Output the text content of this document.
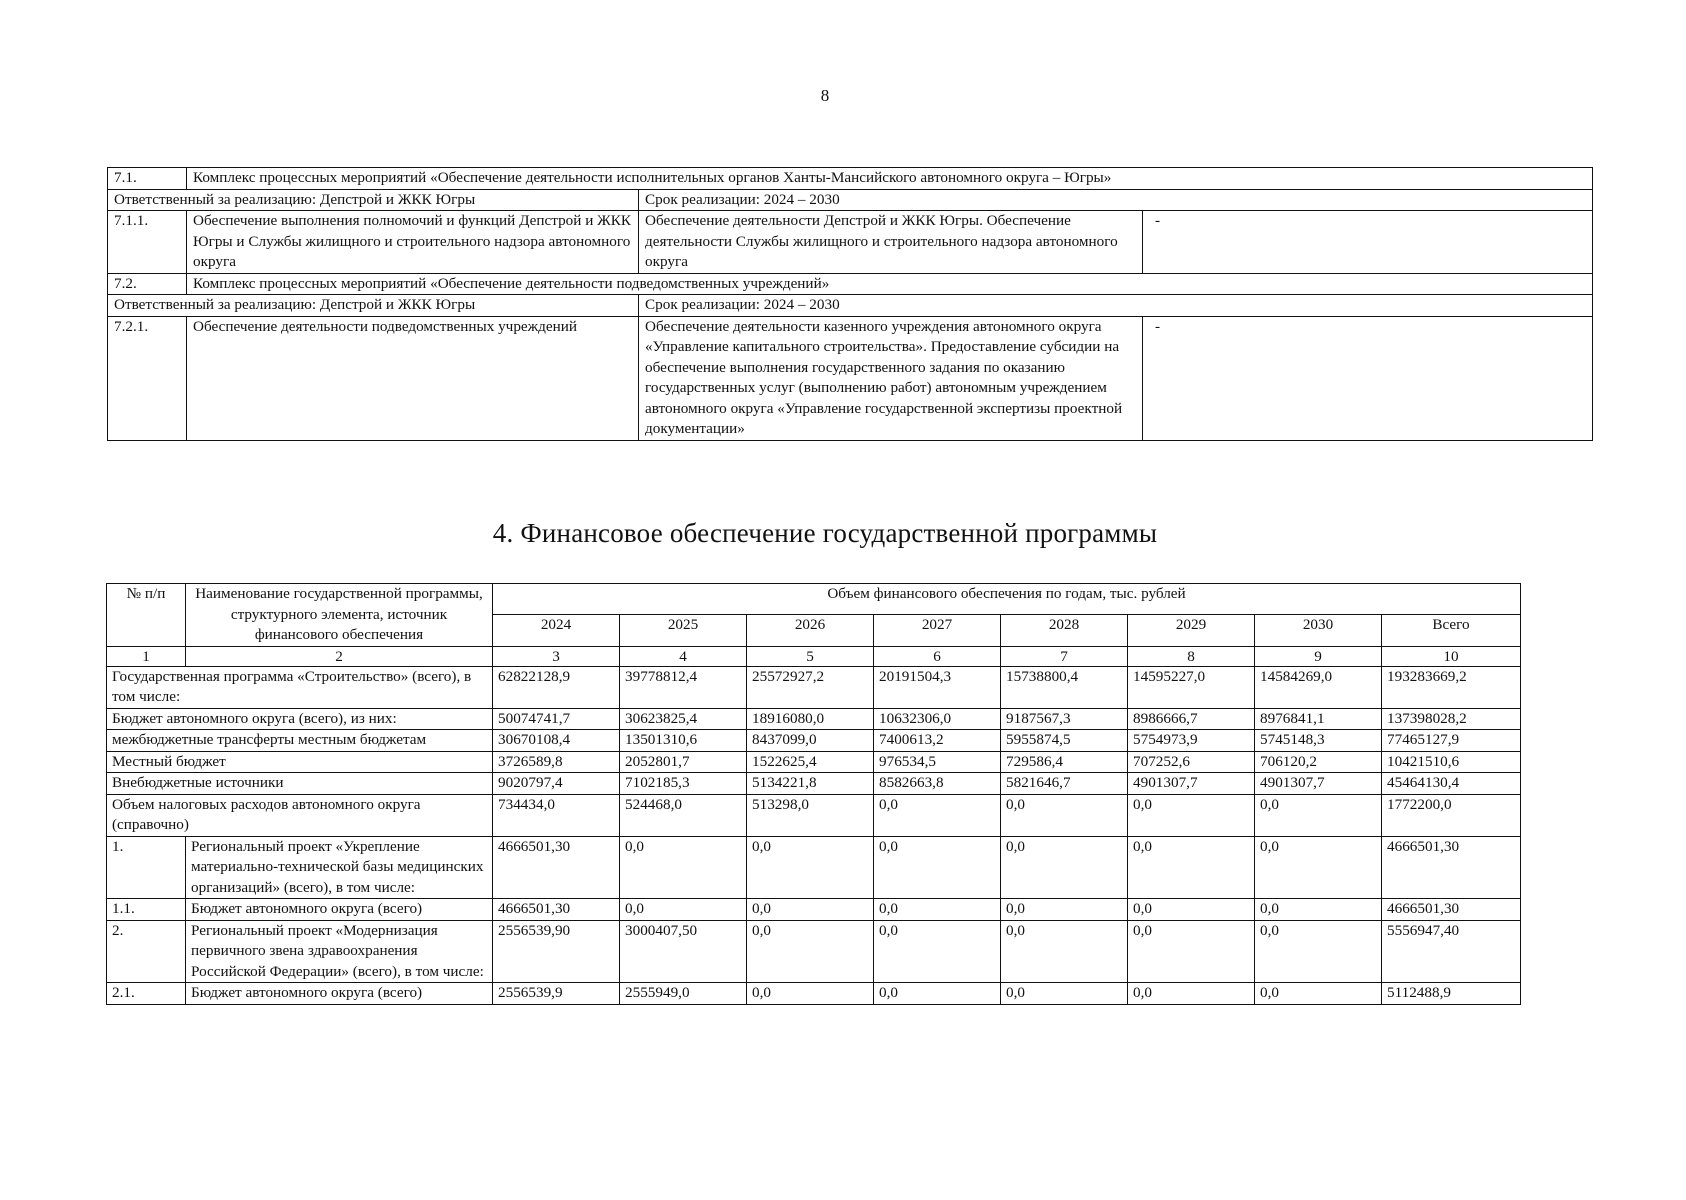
8
7.1.	Комплекс процессных мероприятий «Обеспечение деятельности исполнительных органов Ханты-Мансийского автономного округа – Югры»		
Ответственный за реализацию: Депстрой и ЖКК Югры		Срок реализации: 2024 – 2030	
7.1.1.	Обеспечение выполнения полномочий и функций Депстрой и ЖКК Югры и Службы жилищного и строительного надзора автономного округа	Обеспечение деятельности Депстрой и ЖКК Югры. Обеспечение деятельности Службы жилищного и строительного надзора автономного округа	-
7.2.	Комплекс процессных мероприятий «Обеспечение деятельности подведомственных учреждений»		
Ответственный за реализацию: Депстрой и ЖКК Югры		Срок реализации: 2024 – 2030	
7.2.1.	Обеспечение деятельности подведомственных учреждений	Обеспечение деятельности казенного учреждения автономного округа «Управление капитального строительства». Предоставление субсидии на обеспечение выполнения государственного задания по оказанию государственных услуг (выполнению работ) автономным учреждением автономного округа «Управление государственной экспертизы проектной документации»	-
4. Финансовое обеспечение государственной программы
№ п/п	Наименование государственной программы, структурного элемента, источник финансового обеспечения	Объем финансового обеспечения по годам, тыс. рублей							
		2024	2025	2026	2027	2028	2029	2030	Всего
1	2	3	4	5	6	7	8	9	10
Государственная программа «Строительство» (всего), в том числе:		62822128,9	39778812,4	25572927,2	20191504,3	15738800,4	14595227,0	14584269,0	193283669,2
Бюджет автономного округа (всего), из них:		50074741,7	30623825,4	18916080,0	10632306,0	9187567,3	8986666,7	8976841,1	137398028,2
межбюджетные трансферты местным бюджетам		30670108,4	13501310,6	8437099,0	7400613,2	5955874,5	5754973,9	5745148,3	77465127,9
Местный бюджет		3726589,8	2052801,7	1522625,4	976534,5	729586,4	707252,6	706120,2	10421510,6
Внебюджетные источники		9020797,4	7102185,3	5134221,8	8582663,8	5821646,7	4901307,7	4901307,7	45464130,4
Объем налоговых расходов автономного округа (справочно)		734434,0	524468,0	513298,0	0,0	0,0	0,0	0,0	1772200,0
1.	Региональный проект «Укрепление материально-технической базы медицинских организаций» (всего), в том числе:	4666501,30	0,0	0,0	0,0	0,0	0,0	0,0	4666501,30
1.1.	Бюджет автономного округа (всего)	4666501,30	0,0	0,0	0,0	0,0	0,0	0,0	4666501,30
2.	Региональный проект «Модернизация первичного звена здравоохранения Российской Федерации» (всего), в том числе:	2556539,90	3000407,50	0,0	0,0	0,0	0,0	0,0	5556947,40
2.1.	Бюджет автономного округа (всего)	2556539,9	2555949,0	0,0	0,0	0,0	0,0	0,0	5112488,9
